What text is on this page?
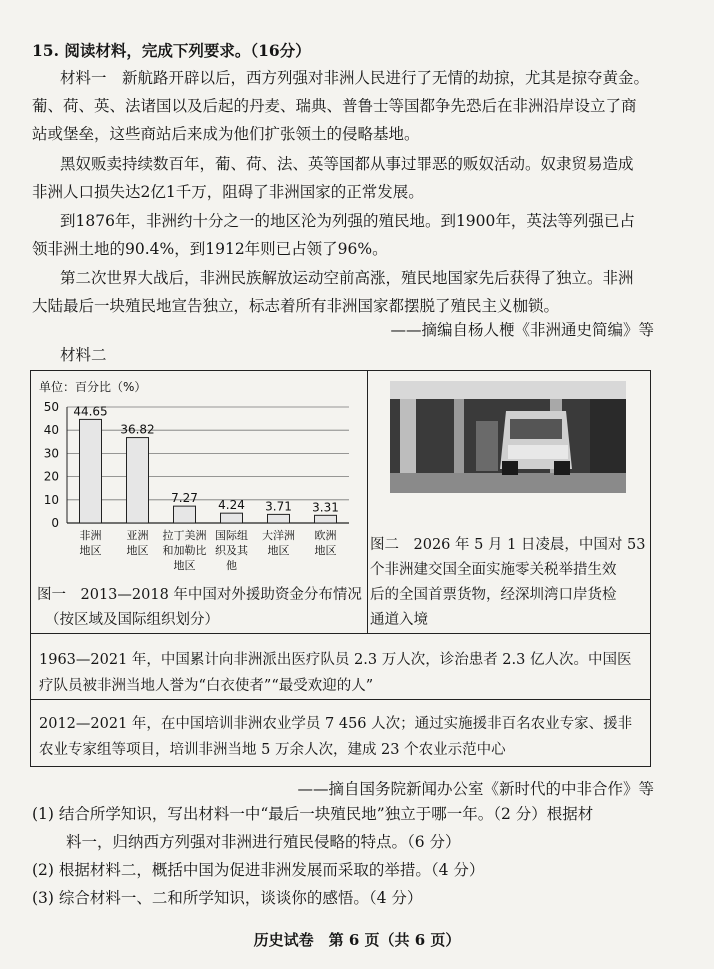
15. 阅读材料，完成下列要求。（16分）
材料一　新航路开辟以后，西方列强对非洲人民进行了无情的劫掠，尤其是掠夺黄金。
葡、荷、英、法诸国以及后起的丹麦、瑞典、普鲁士等国都争先恐后在非洲沿岸设立了商
站或堡垒，这些商站后来成为他们扩张领土的侵略基地。
黑奴贩卖持续数百年，葡、荷、法、英等国都从事过罪恶的贩奴活动。奴隶贸易造成
非洲人口损失达2亿1千万，阻碍了非洲国家的正常发展。
到1876年，非洲约十分之一的地区沦为列强的殖民地。到1900年，英法等列强已占
领非洲土地的90.4%，到1912年则已占领了96%。
第二次世界大战后，非洲民族解放运动空前高涨，殖民地国家先后获得了独立。非洲
大陆最后一块殖民地宣告独立，标志着所有非洲国家都摆脱了殖民主义枷锁。
——摘编自杨人楩《非洲通史简编》等
材料二
单位：百分比（%）
0
10
20
30
40
50 44.65
非洲
地区
36.82
亚洲
地区
7.27
拉丁美洲
和加勒比
地区
4.24
国际组
织及其
他
3.71
大洋洲
地区
3.31
欧洲
地区
图一　2013—2018 年中国对外援助资金分布情况
（按区域及国际组织划分）
图二　2026 年 5 月 1 日凌晨，中国对 53
个非洲建交国全面实施零关税举措生效
后的全国首票货物，经深圳湾口岸货检
通道入境
1963—2021 年，中国累计向非洲派出医疗队员 2.3 万人次，诊治患者 2.3 亿人次。中国医
疗队员被非洲当地人誉为“白衣使者”“最受欢迎的人”
2012—2021 年，在中国培训非洲农业学员 7 456 人次；通过实施援非百名农业专家、援非
农业专家组等项目，培训非洲当地 5 万余人次，建成 23 个农业示范中心
——摘自国务院新闻办公室《新时代的中非合作》等
(1) 结合所学知识，写出材料一中“最后一块殖民地”独立于哪一年。（2 分）根据材
料一，归纳西方列强对非洲进行殖民侵略的特点。（6 分）
(2) 根据材料二，概括中国为促进非洲发展而采取的举措。（4 分）
(3) 综合材料一、二和所学知识，谈谈你的感悟。（4 分）
历史试卷　第 6 页（共 6 页）
